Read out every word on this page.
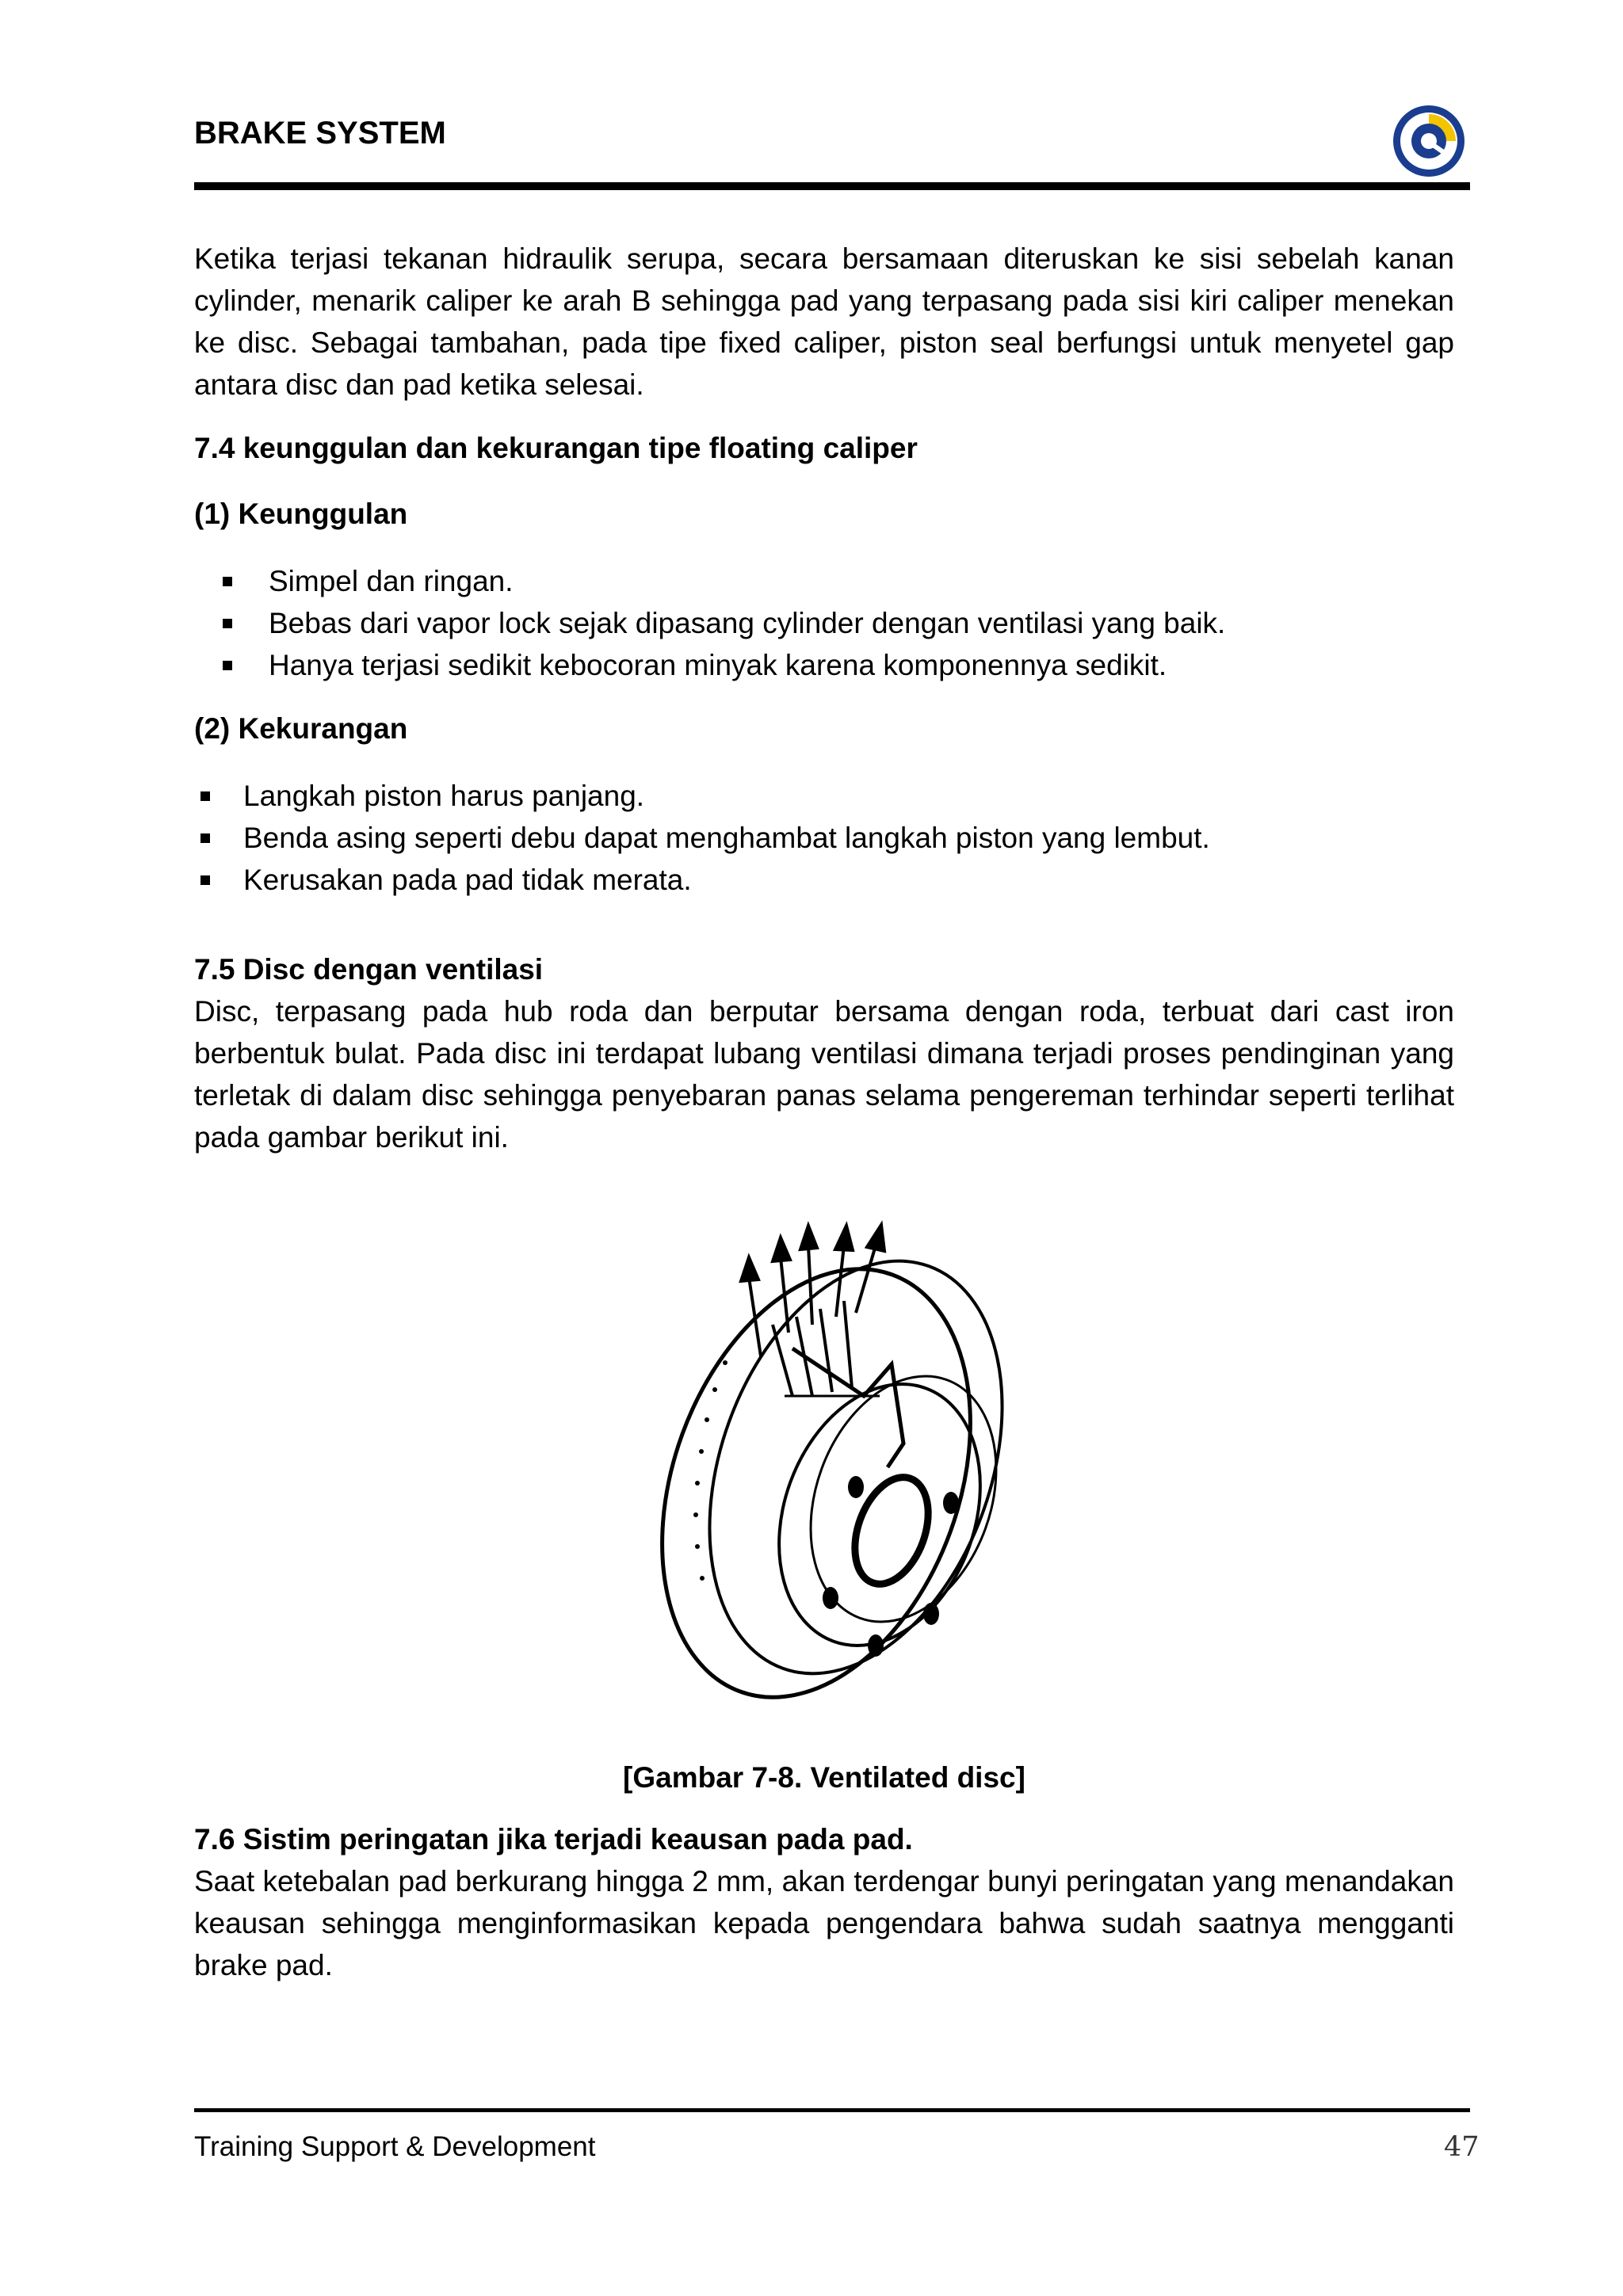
BRAKE SYSTEM

Ketika terjasi tekanan hidraulik serupa, secara bersamaan diteruskan ke sisi sebelah kanan cylinder, menarik caliper ke arah B sehingga pad yang terpasang pada sisi kiri caliper menekan ke disc. Sebagai tambahan, pada tipe fixed caliper, piston seal berfungsi untuk menyetel gap antara disc dan pad ketika selesai.

7.4 keunggulan dan kekurangan tipe floating caliper

(1) Keunggulan

Simpel dan ringan.
Bebas dari vapor lock sejak dipasang cylinder dengan ventilasi yang baik.
Hanya terjasi sedikit kebocoran minyak karena komponennya sedikit.

(2) Kekurangan

Langkah piston harus panjang.
Benda asing seperti debu dapat menghambat langkah piston yang lembut.
Kerusakan pada pad tidak merata.

7.5 Disc dengan ventilasi

Disc, terpasang pada hub roda dan berputar bersama dengan roda, terbuat dari cast iron berbentuk bulat. Pada disc ini terdapat lubang ventilasi dimana terjadi proses pendinginan yang terletak di dalam disc sehingga penyebaran panas selama pengereman terhindar seperti terlihat pada gambar berikut ini.

[Gambar 7-8. Ventilated disc]

7.6 Sistim peringatan jika terjadi keausan pada pad.

Saat ketebalan pad berkurang hingga 2 mm, akan terdengar bunyi peringatan yang menandakan keausan sehingga menginformasikan kepada pengendara bahwa sudah saatnya mengganti brake pad.

Training Support & Development	47
